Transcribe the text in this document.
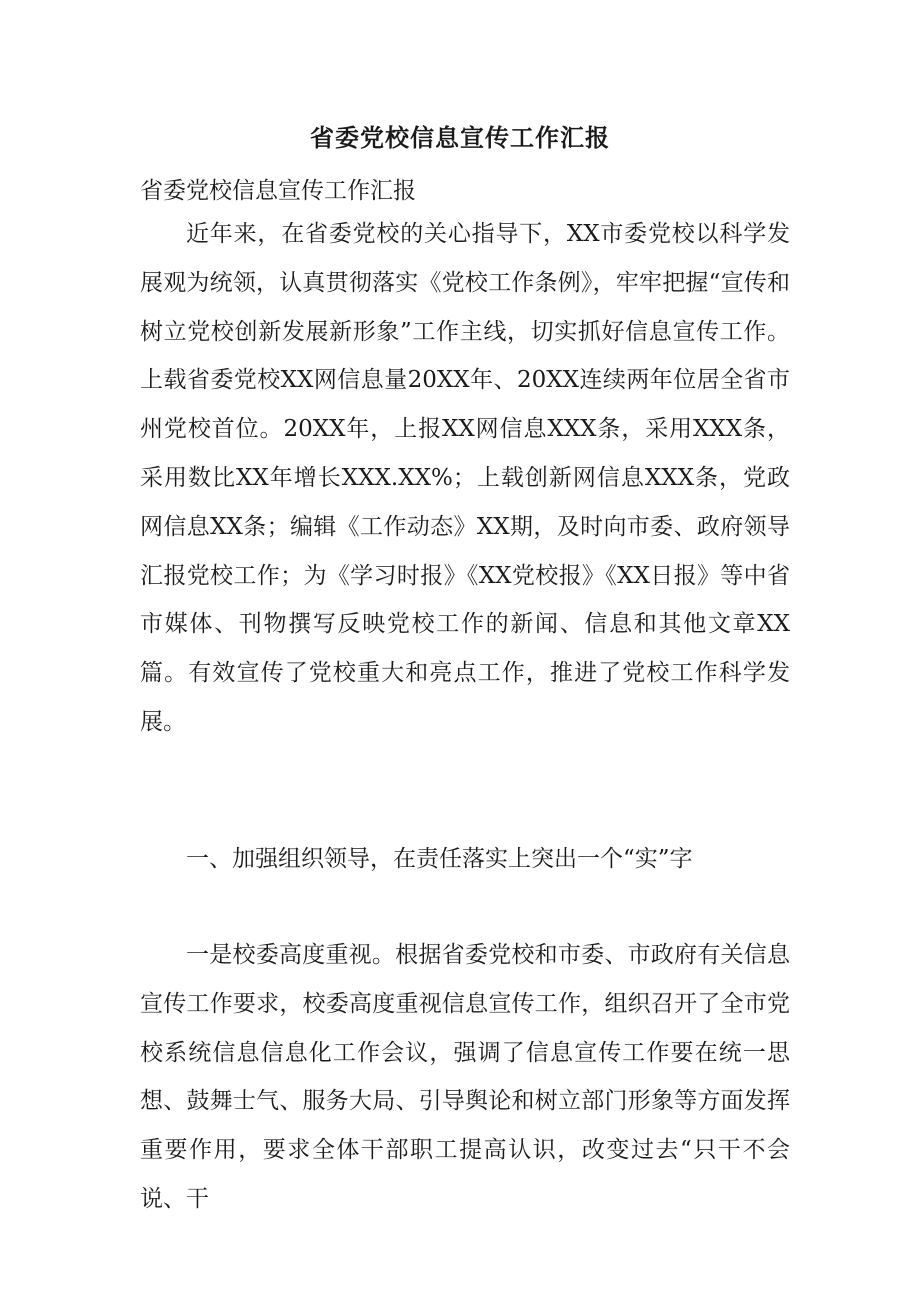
省委党校信息宣传工作汇报

省委党校信息宣传工作汇报

近年来，在省委党校的关心指导下，XX市委党校以科学发展观为统领，认真贯彻落实《党校工作条例》，牢牢把握“宣传和树立党校创新发展新形象”工作主线，切实抓好信息宣传工作。上载省委党校XX网信息量20XX年、20XX连续两年位居全省市州党校首位。20XX年，上报XX网信息XXX条，采用XXX条，采用数比XX年增长XXX.XX%；上载创新网信息XXX条，党政网信息XX条；编辑《工作动态》XX期，及时向市委、政府领导汇报党校工作；为《学习时报》《XX党校报》《XX日报》等中省市媒体、刊物撰写反映党校工作的新闻、信息和其他文章XX篇。有效宣传了党校重大和亮点工作，推进了党校工作科学发展。

一、加强组织领导，在责任落实上突出一个“实”字

一是校委高度重视。根据省委党校和市委、市政府有关信息宣传工作要求，校委高度重视信息宣传工作，组织召开了全市党校系统信息信息化工作会议，强调了信息宣传工作要在统一思想、鼓舞士气、服务大局、引导舆论和树立部门形象等方面发挥重要作用，要求全体干部职工提高认识，改变过去“只干不会说、干
